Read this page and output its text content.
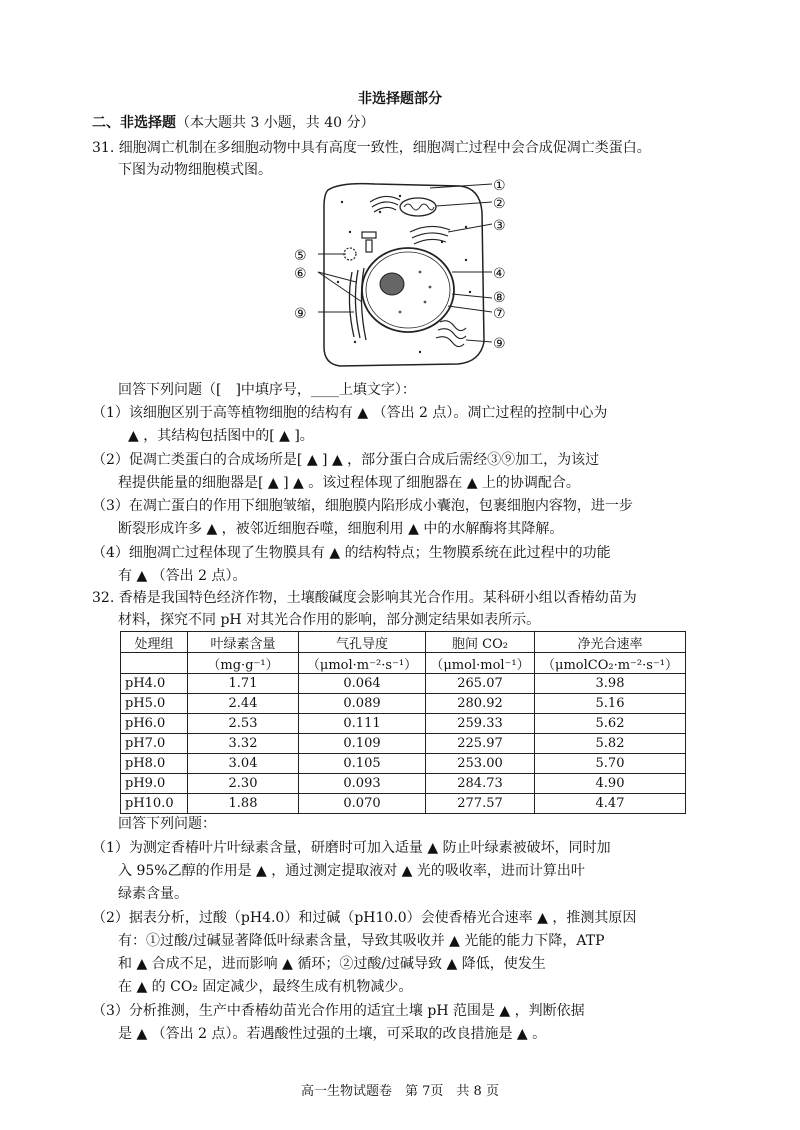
非选择题部分
二、非选择题（本大题共 3 小题，共 40 分）
31. 细胞凋亡机制在多细胞动物中具有高度一致性，细胞凋亡过程中会合成促凋亡类蛋白。
下图为动物细胞模式图。
①
②
③
④
⑤
⑥
⑦
⑧
⑨
⑨
回答下列问题（[　]中填序号，____上填文字）：
（1）该细胞区别于高等植物细胞的结构有 ▲ （答出 2 点）。凋亡过程的控制中心为
▲ ，其结构包括图中的[ ▲ ]。
（2）促凋亡类蛋白的合成场所是[ ▲ ] ▲ ，部分蛋白合成后需经③⑨加工，为该过
程提供能量的细胞器是[ ▲ ] ▲ 。该过程体现了细胞器在 ▲ 上的协调配合。
（3）在凋亡蛋白的作用下细胞皱缩，细胞膜内陷形成小囊泡，包裹细胞内容物，进一步
断裂形成许多 ▲ ，被邻近细胞吞噬，细胞利用 ▲ 中的水解酶将其降解。
（4）细胞凋亡过程体现了生物膜具有 ▲ 的结构特点；生物膜系统在此过程中的功能
有 ▲ （答出 2 点）。
32. 香椿是我国特色经济作物，土壤酸碱度会影响其光合作用。某科研小组以香椿幼苗为
材料，探究不同 pH 对其光合作用的影响，部分测定结果如表所示。
处理组	叶绿素含量	气孔导度	胞间 CO₂	净光合速率
	（mg·g⁻¹）	（μmol·m⁻²·s⁻¹）	（μmol·mol⁻¹）	（μmolCO₂·m⁻²·s⁻¹）
pH4.0	1.71	0.064	265.07	3.98
pH5.0	2.44	0.089	280.92	5.16
pH6.0	2.53	0.111	259.33	5.62
pH7.0	3.32	0.109	225.97	5.82
pH8.0	3.04	0.105	253.00	5.70
pH9.0	2.30	0.093	284.73	4.90
pH10.0	1.88	0.070	277.57	4.47
回答下列问题：
（1）为测定香椿叶片叶绿素含量，研磨时可加入适量 ▲ 防止叶绿素被破坏，同时加
入 95%乙醇的作用是 ▲ ，通过测定提取液对 ▲ 光的吸收率，进而计算出叶
绿素含量。
（2）据表分析，过酸（pH4.0）和过碱（pH10.0）会使香椿光合速率 ▲ ，推测其原因
有：①过酸/过碱显著降低叶绿素含量，导致其吸收并 ▲ 光能的能力下降，ATP
和 ▲ 合成不足，进而影响 ▲ 循环；②过酸/过碱导致 ▲ 降低，使发生
在 ▲ 的 CO₂ 固定减少，最终生成有机物减少。
（3）分析推测，生产中香椿幼苗光合作用的适宜土壤 pH 范围是 ▲ ，判断依据
是 ▲ （答出 2 点）。若遇酸性过强的土壤，可采取的改良措施是 ▲ 。
高一生物试题卷　第 7页　共 8 页
